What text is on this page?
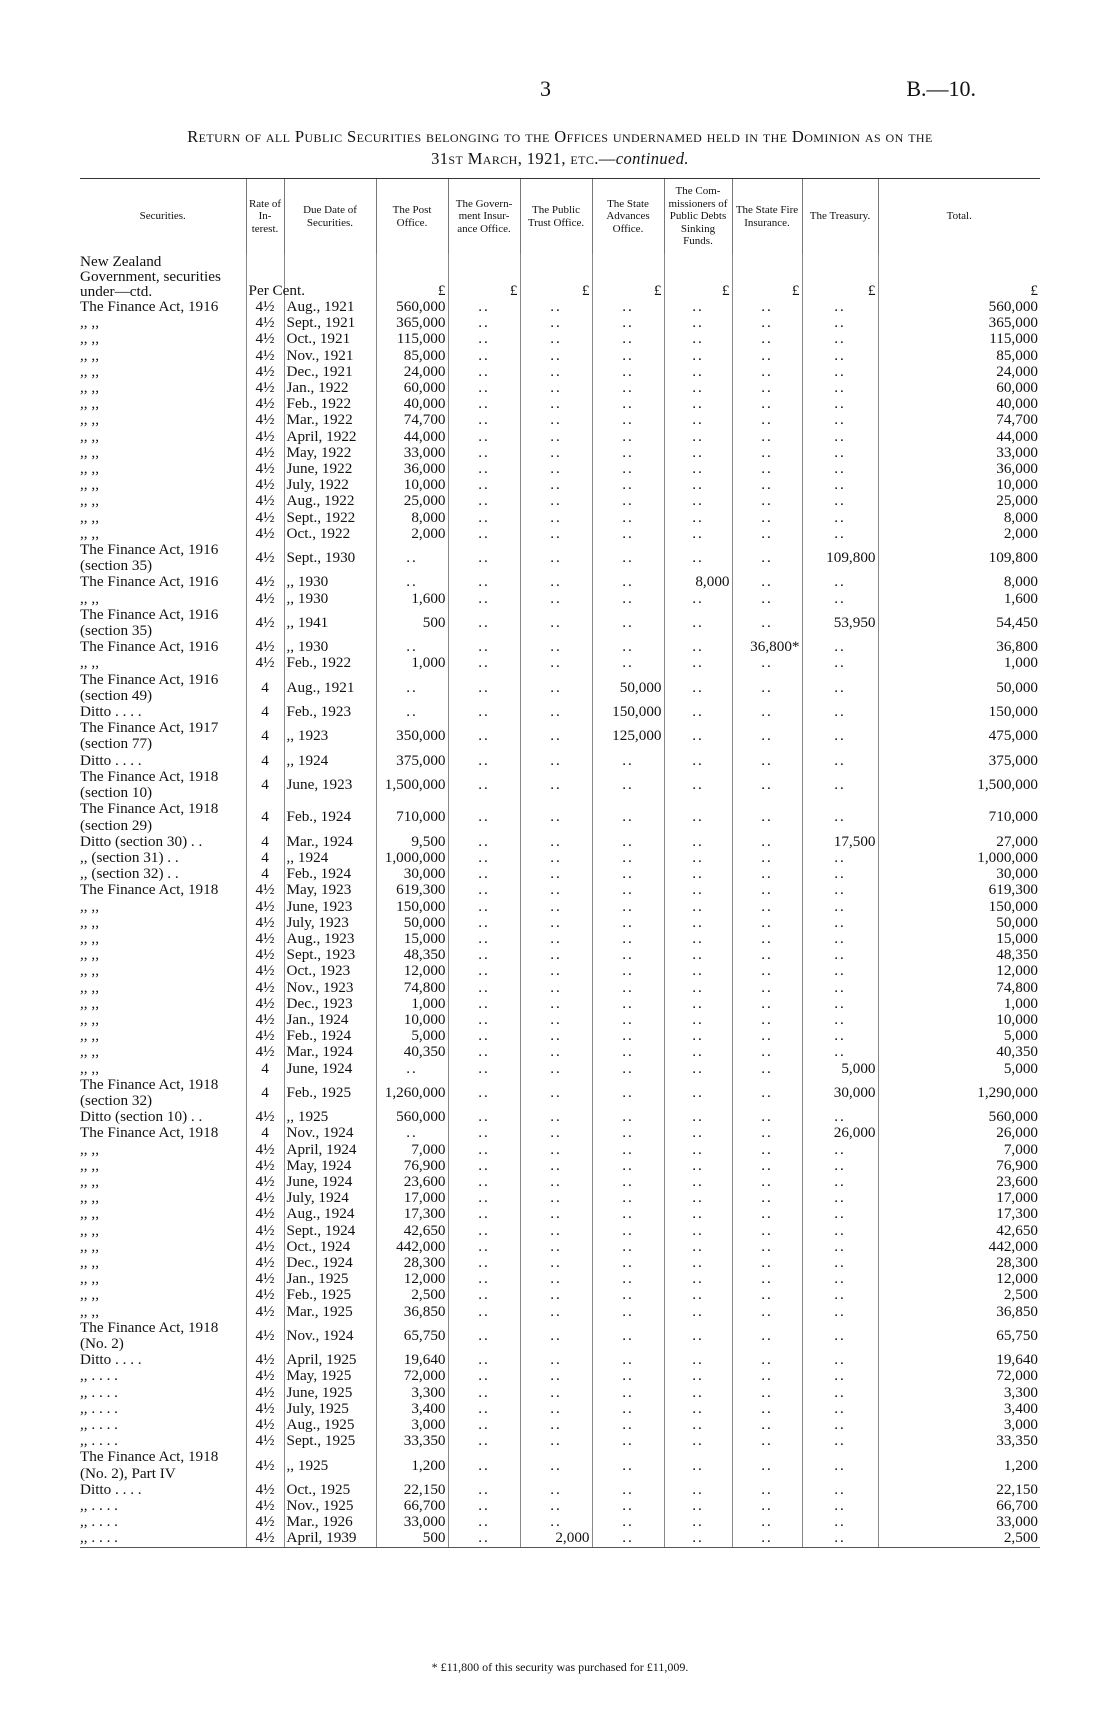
3	B.—10.
Return of all Public Securities belonging to the Offices undernamed held in the Dominion as on the
31st March, 1921, etc.—continued.
Securities.	Rate of In-terest.	Due Date of Securities.	The Post Office.	The Govern-ment Insur-ance Office.	The Public Trust Office.	The State Advances Office.	The Com-missioners of Public Debts Sinking Funds.	The State Fire Insurance.	The Treasury.	Total.
New Zealand Government, securities under—ctd.	Per Cent.		£	£	£	£	£	£	£	£
The Finance Act, 1916	4½	Aug., 1921	560,000	..	..	..	..	..	..	560,000
,, ,,	4½	Sept., 1921	365,000	..	..	..	..	..	..	365,000
,, ,,	4½	Oct., 1921	115,000	..	..	..	..	..	..	115,000
,, ,,	4½	Nov., 1921	85,000	..	..	..	..	..	..	85,000
,, ,,	4½	Dec., 1921	24,000	..	..	..	..	..	..	24,000
,, ,,	4½	Jan., 1922	60,000	..	..	..	..	..	..	60,000
,, ,,	4½	Feb., 1922	40,000	..	..	..	..	..	..	40,000
,, ,,	4½	Mar., 1922	74,700	..	..	..	..	..	..	74,700
,, ,,	4½	April, 1922	44,000	..	..	..	..	..	..	44,000
,, ,,	4½	May, 1922	33,000	..	..	..	..	..	..	33,000
,, ,,	4½	June, 1922	36,000	..	..	..	..	..	..	36,000
,, ,,	4½	July, 1922	10,000	..	..	..	..	..	..	10,000
,, ,,	4½	Aug., 1922	25,000	..	..	..	..	..	..	25,000
,, ,,	4½	Sept., 1922	8,000	..	..	..	..	..	..	8,000
,, ,,	4½	Oct., 1922	2,000	..	..	..	..	..	..	2,000
The Finance Act, 1916 (section 35)	4½	Sept., 1930	..	..	..	..	..	..	109,800	109,800
The Finance Act, 1916	4½	,, 1930	..	..	..	..	8,000	..	..	8,000
,, ,,	4½	,, 1930	1,600	..	..	..	..	..	..	1,600
The Finance Act, 1916 (section 35)	4½	,, 1941	500	..	..	..	..	..	53,950	54,450
The Finance Act, 1916	4½	,, 1930	..	..	..	..	..	36,800*	..	36,800
,, ,,	4½	Feb., 1922	1,000	..	..	..	..	..	..	1,000
The Finance Act, 1916 (section 49)	4	Aug., 1921	..	..	..	50,000	..	..	..	50,000
Ditto . . . .	4	Feb., 1923	..	..	..	150,000	..	..	..	150,000
The Finance Act, 1917 (section 77)	4	,, 1923	350,000	..	..	125,000	..	..	..	475,000
Ditto . . . .	4	,, 1924	375,000	..	..	..	..	..	..	375,000
The Finance Act, 1918 (section 10)	4	June, 1923	1,500,000	..	..	..	..	..	..	1,500,000
The Finance Act, 1918 (section 29)	4	Feb., 1924	710,000	..	..	..	..	..	..	710,000
Ditto (section 30) . .	4	Mar., 1924	9,500	..	..	..	..	..	17,500	27,000
,, (section 31) . .	4	,, 1924	1,000,000	..	..	..	..	..	..	1,000,000
,, (section 32) . .	4	Feb., 1924	30,000	..	..	..	..	..	..	30,000
The Finance Act, 1918	4½	May, 1923	619,300	..	..	..	..	..	..	619,300
,, ,,	4½	June, 1923	150,000	..	..	..	..	..	..	150,000
,, ,,	4½	July, 1923	50,000	..	..	..	..	..	..	50,000
,, ,,	4½	Aug., 1923	15,000	..	..	..	..	..	..	15,000
,, ,,	4½	Sept., 1923	48,350	..	..	..	..	..	..	48,350
,, ,,	4½	Oct., 1923	12,000	..	..	..	..	..	..	12,000
,, ,,	4½	Nov., 1923	74,800	..	..	..	..	..	..	74,800
,, ,,	4½	Dec., 1923	1,000	..	..	..	..	..	..	1,000
,, ,,	4½	Jan., 1924	10,000	..	..	..	..	..	..	10,000
,, ,,	4½	Feb., 1924	5,000	..	..	..	..	..	..	5,000
,, ,,	4½	Mar., 1924	40,350	..	..	..	..	..	..	40,350
,, ,,	4	June, 1924	..	..	..	..	..	..	5,000	5,000
The Finance Act, 1918 (section 32)	4	Feb., 1925	1,260,000	..	..	..	..	..	30,000	1,290,000
Ditto (section 10) . .	4½	,, 1925	560,000	..	..	..	..	..	..	560,000
The Finance Act, 1918	4	Nov., 1924	..	..	..	..	..	..	26,000	26,000
,, ,,	4½	April, 1924	7,000	..	..	..	..	..	..	7,000
,, ,,	4½	May, 1924	76,900	..	..	..	..	..	..	76,900
,, ,,	4½	June, 1924	23,600	..	..	..	..	..	..	23,600
,, ,,	4½	July, 1924	17,000	..	..	..	..	..	..	17,000
,, ,,	4½	Aug., 1924	17,300	..	..	..	..	..	..	17,300
,, ,,	4½	Sept., 1924	42,650	..	..	..	..	..	..	42,650
,, ,,	4½	Oct., 1924	442,000	..	..	..	..	..	..	442,000
,, ,,	4½	Dec., 1924	28,300	..	..	..	..	..	..	28,300
,, ,,	4½	Jan., 1925	12,000	..	..	..	..	..	..	12,000
,, ,,	4½	Feb., 1925	2,500	..	..	..	..	..	..	2,500
,, ,,	4½	Mar., 1925	36,850	..	..	..	..	..	..	36,850
The Finance Act, 1918 (No. 2)	4½	Nov., 1924	65,750	..	..	..	..	..	..	65,750
Ditto . . . .	4½	April, 1925	19,640	..	..	..	..	..	..	19,640
,, . . . .	4½	May, 1925	72,000	..	..	..	..	..	..	72,000
,, . . . .	4½	June, 1925	3,300	..	..	..	..	..	..	3,300
,, . . . .	4½	July, 1925	3,400	..	..	..	..	..	..	3,400
,, . . . .	4½	Aug., 1925	3,000	..	..	..	..	..	..	3,000
,, . . . .	4½	Sept., 1925	33,350	..	..	..	..	..	..	33,350
The Finance Act, 1918 (No. 2), Part IV	4½	,, 1925	1,200	..	..	..	..	..	..	1,200
Ditto . . . .	4½	Oct., 1925	22,150	..	..	..	..	..	..	22,150
,, . . . .	4½	Nov., 1925	66,700	..	..	..	..	..	..	66,700
,, . . . .	4½	Mar., 1926	33,000	..	..	..	..	..	..	33,000
,, . . . .	4½	April, 1939	500	..	2,000	..	..	..	..	2,500
* £11,800 of this security was purchased for £11,009.
